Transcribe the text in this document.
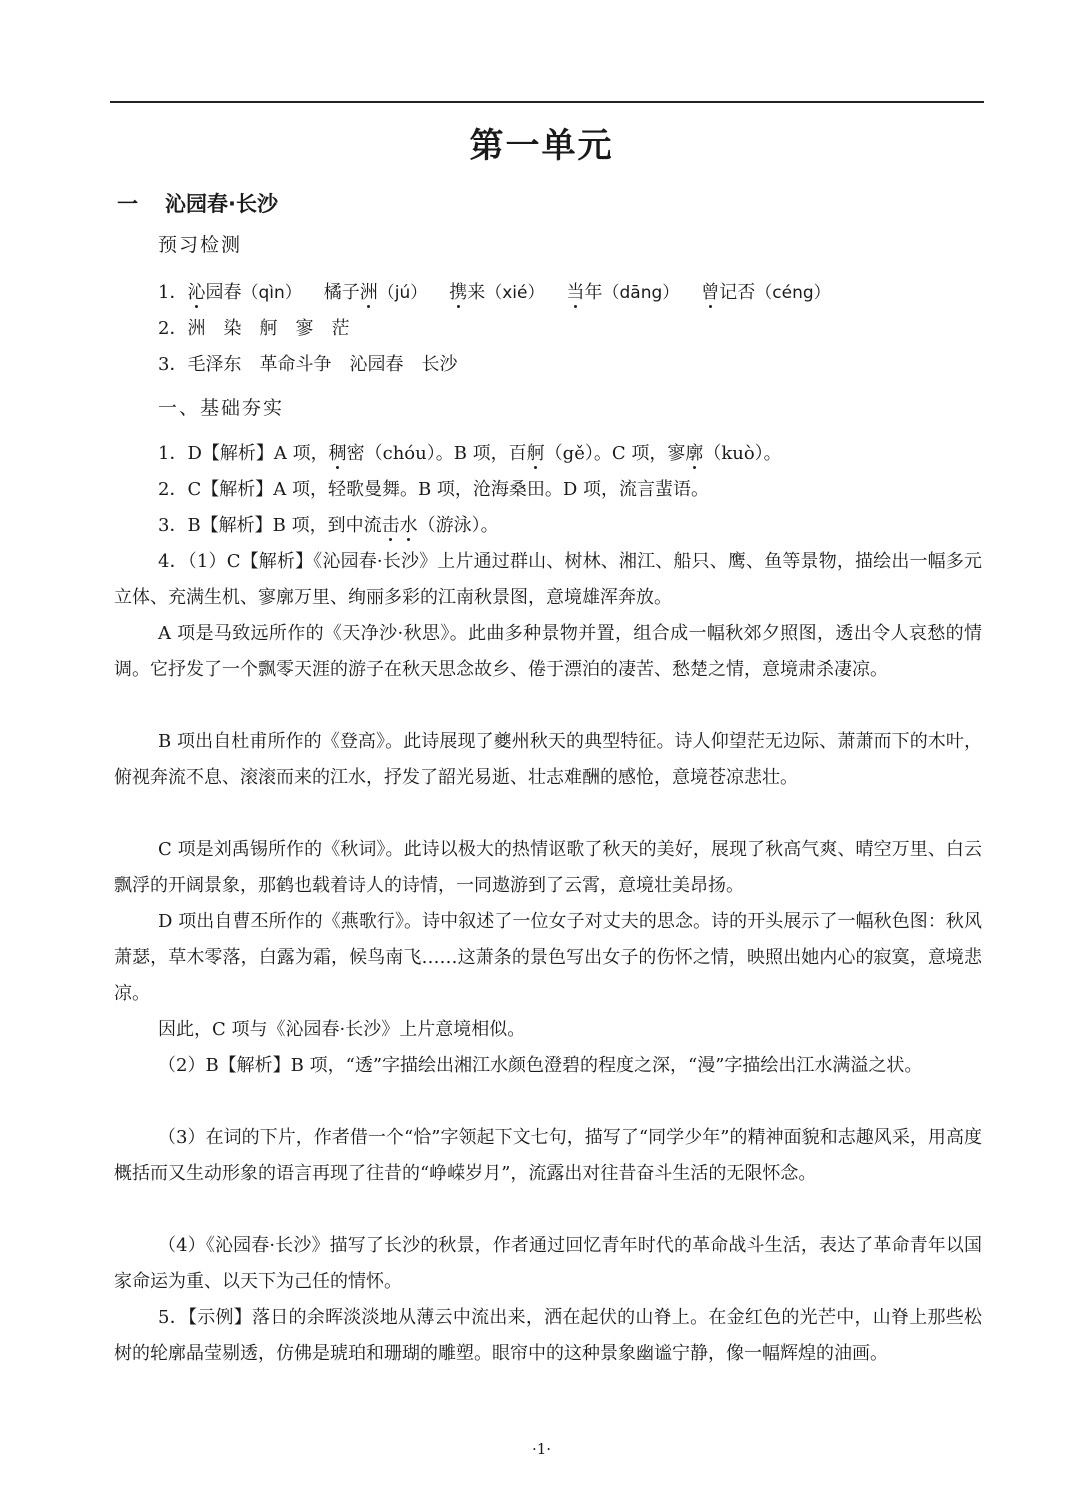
第一单元
一 沁园春·长沙
预习检测
1．沁园春（qìn） 橘子洲（jú） 携来（xié） 当年（dāng） 曾记否（céng）
2．洲 染 舸 寥 茫
3．毛泽东 革命斗争 沁园春 长沙
一、基础夯实
1．D【解析】A 项，稠密（chóu）。B 项，百舸（gě）。C 项，寥廓（kuò）。
2．C【解析】A 项，轻歌曼舞。B 项，沧海桑田。D 项，流言蜚语。
3．B【解析】B 项，到中流击水（游泳）。
4．（1）C【解析】《沁园春·长沙》上片通过群山、树林、湘江、船只、鹰、鱼等景物，描绘出一幅多元立体、充满生机、寥廓万里、绚丽多彩的江南秋景图，意境雄浑奔放。
A 项是马致远所作的《天净沙·秋思》。此曲多种景物并置，组合成一幅秋郊夕照图，透出令人哀愁的情调。它抒发了一个飘零天涯的游子在秋天思念故乡、倦于漂泊的凄苦、愁楚之情，意境肃杀凄凉。
B 项出自杜甫所作的《登高》。此诗展现了夔州秋天的典型特征。诗人仰望茫无边际、萧萧而下的木叶，俯视奔流不息、滚滚而来的江水，抒发了韶光易逝、壮志难酬的感怆，意境苍凉悲壮。
C 项是刘禹锡所作的《秋词》。此诗以极大的热情讴歌了秋天的美好，展现了秋高气爽、晴空万里、白云飘浮的开阔景象，那鹤也载着诗人的诗情，一同遨游到了云霄，意境壮美昂扬。
D 项出自曹丕所作的《燕歌行》。诗中叙述了一位女子对丈夫的思念。诗的开头展示了一幅秋色图：秋风萧瑟，草木零落，白露为霜，候鸟南飞……这萧条的景色写出女子的伤怀之情，映照出她内心的寂寞，意境悲凉。
因此，C 项与《沁园春·长沙》上片意境相似。
（2）B【解析】B 项，“透”字描绘出湘江水颜色澄碧的程度之深，“漫”字描绘出江水满溢之状。
（3）在词的下片，作者借一个“恰”字领起下文七句，描写了“同学少年”的精神面貌和志趣风采，用高度概括而又生动形象的语言再现了往昔的“峥嵘岁月”，流露出对往昔奋斗生活的无限怀念。
（4）《沁园春·长沙》描写了长沙的秋景，作者通过回忆青年时代的革命战斗生活，表达了革命青年以国家命运为重、以天下为己任的情怀。
5．【示例】落日的余晖淡淡地从薄云中流出来，洒在起伏的山脊上。在金红色的光芒中，山脊上那些松树的轮廓晶莹剔透，仿佛是琥珀和珊瑚的雕塑。眼帘中的这种景象幽谧宁静，像一幅辉煌的油画。
·1·
